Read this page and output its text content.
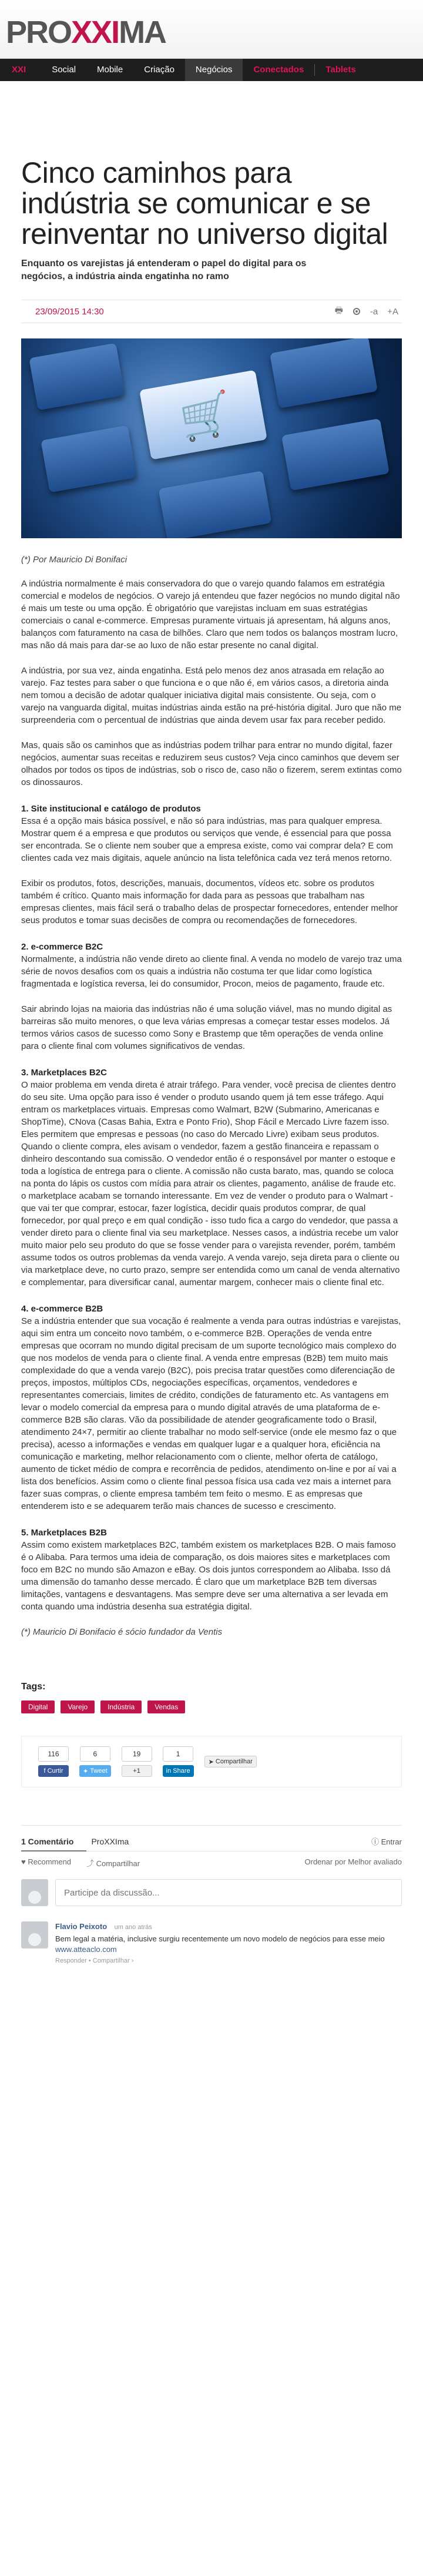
PROXXIMA
XXI	Social	Mobile	Criação	Negócios	Conectados	Tablets
Cinco caminhos para indústria se comunicar e se reinventar no universo digital

Enquanto os varejistas já entenderam o papel do digital para os negócios, a indústria ainda engatinha no ramo

23/09/2015 14:30	🖶	-a +A
🛒

(*) Por Mauricio Di Bonifaci

A indústria normalmente é mais conservadora do que o varejo quando falamos em estratégia comercial e modelos de negócios. O varejo já entendeu que fazer negócios no mundo digital não é mais um teste ou uma opção. É obrigatório que varejistas incluam em suas estratégias comerciais o canal e-commerce. Empresas puramente virtuais já apresentam, há alguns anos, balanços com faturamento na casa de bilhões. Claro que nem todos os balanços mostram lucro, mas não dá mais para dar-se ao luxo de não estar presente no canal digital.

A indústria, por sua vez, ainda engatinha. Está pelo menos dez anos atrasada em relação ao varejo. Faz testes para saber o que funciona e o que não é, em vários casos, a diretoria ainda nem tomou a decisão de adotar qualquer iniciativa digital mais consistente. Ou seja, com o varejo na vanguarda digital, muitas indústrias ainda estão na pré-história digital. Juro que não me surpreenderia com o percentual de indústrias que ainda devem usar fax para receber pedido.

Mas, quais são os caminhos que as indústrias podem trilhar para entrar no mundo digital, fazer negócios, aumentar suas receitas e reduzirem seus custos? Veja cinco caminhos que devem ser olhados por todos os tipos de indústrias, sob o risco de, caso não o fizerem, serem extintas como os dinossauros.

1. Site institucional e catálogo de produtos

Essa é a opção mais básica possível, e não só para indústrias, mas para qualquer empresa. Mostrar quem é a empresa e que produtos ou serviços que vende, é essencial para que possa ser encontrada. Se o cliente nem souber que a empresa existe, como vai comprar dela? E com clientes cada vez mais digitais, aquele anúncio na lista telefônica cada vez terá menos retorno.

Exibir os produtos, fotos, descrições, manuais, documentos, vídeos etc. sobre os produtos também é crítico. Quanto mais informação for dada para as pessoas que trabalham nas empresas clientes, mais fácil será o trabalho delas de prospectar fornecedores, entender melhor seus produtos e tomar suas decisões de compra ou recomendações de fornecedores.

2. e-commerce B2C

Normalmente, a indústria não vende direto ao cliente final. A venda no modelo de varejo traz uma série de novos desafios com os quais a indústria não costuma ter que lidar como logística fragmentada e logística reversa, lei do consumidor, Procon, meios de pagamento, fraude etc.

Sair abrindo lojas na maioria das indústrias não é uma solução viável, mas no mundo digital as barreiras são muito menores, o que leva várias empresas a começar testar esses modelos. Já termos vários casos de sucesso como Sony e Brastemp que têm operações de venda online para o cliente final com volumes significativos de vendas.

3. Marketplaces B2C

O maior problema em venda direta é atrair tráfego. Para vender, você precisa de clientes dentro do seu site. Uma opção para isso é vender o produto usando quem já tem esse tráfego. Aqui entram os marketplaces virtuais. Empresas como Walmart, B2W (Submarino, Americanas e ShopTime), CNova (Casas Bahia, Extra e Ponto Frio), Shop Fácil e Mercado Livre fazem isso. Eles permitem que empresas e pessoas (no caso do Mercado Livre) exibam seus produtos. Quando o cliente compra, eles avisam o vendedor, fazem a gestão financeira e repassam o dinheiro descontando sua comissão. O vendedor então é o responsável por manter o estoque e toda a logística de entrega para o cliente. A comissão não custa barato, mas, quando se coloca na ponta do lápis os custos com mídia para atrair os clientes, pagamento, análise de fraude etc. o marketplace acabam se tornando interessante. Em vez de vender o produto para o Walmart - que vai ter que comprar, estocar, fazer logística, decidir quais produtos comprar, de qual fornecedor, por qual preço e em qual condição - isso tudo fica a cargo do vendedor, que passa a vender direto para o cliente final via seu marketplace. Nesses casos, a indústria recebe um valor muito maior pelo seu produto do que se fosse vender para o varejista revender, porém, também assume todos os outros problemas da venda varejo. A venda varejo, seja direta para o cliente ou via marketplace deve, no curto prazo, sempre ser entendida como um canal de venda alternativo e complementar, para diversificar canal, aumentar margem, conhecer mais o cliente final etc.

4. e-commerce B2B

Se a indústria entender que sua vocação é realmente a venda para outras indústrias e varejistas, aqui sim entra um conceito novo também, o e-commerce B2B. Operações de venda entre empresas que ocorram no mundo digital precisam de um suporte tecnológico mais complexo do que nos modelos de venda para o cliente final. A venda entre empresas (B2B) tem muito mais complexidade do que a venda varejo (B2C), pois precisa tratar questões como diferenciação de preços, impostos, múltiplos CDs, negociações específicas, orçamentos, vendedores e representantes comerciais, limites de crédito, condições de faturamento etc. As vantagens em levar o modelo comercial da empresa para o mundo digital através de uma plataforma de e-commerce B2B são claras. Vão da possibilidade de atender geograficamente todo o Brasil, atendimento 24×7, permitir ao cliente trabalhar no modo self-service (onde ele mesmo faz o que precisa), acesso a informações e vendas em qualquer lugar e a qualquer hora, eficiência na comunicação e marketing, melhor relacionamento com o cliente, melhor oferta de catálogo, aumento de ticket médio de compra e recorrência de pedidos, atendimento on-line e por aí vai a lista dos benefícios. Assim como o cliente final pessoa física usa cada vez mais a internet para fazer suas compras, o cliente empresa também tem feito o mesmo. E as empresas que entenderem isto e se adequarem terão mais chances de sucesso e crescimento.

5. Marketplaces B2B

Assim como existem marketplaces B2C, também existem os marketplaces B2B. O mais famoso é o Alibaba. Para termos uma ideia de comparação, os dois maiores sites e marketplaces com foco em B2C no mundo são Amazon e eBay. Os dois juntos correspondem ao Alibaba. Isso dá uma dimensão do tamanho desse mercado. É claro que um marketplace B2B tem diversas limitações, vantagens e desvantagens. Mas sempre deve ser uma alternativa a ser levada em conta quando uma indústria desenha sua estratégia digital.

(*) Mauricio Di Bonifacio é sócio fundador da Ventis

Tags:
Digital	Varejo	Indústria	Vendas
116
f Curtir
6
✦ Tweet
19
+1
1
in Share
➤ Compartilhar
1 Comentário	ProXXIma	ⓘ Entrar
♥ Recommend ⤴ Compartilhar	Ordenar por Melhor avaliado
Participe da discussão...
Flavio Peixoto um ano atrás
Bem legal a matéria, inclusive surgiu recentemente um novo modelo de negócios para esse meio www.atteaclo.com
Responder • Compartilhar ›
